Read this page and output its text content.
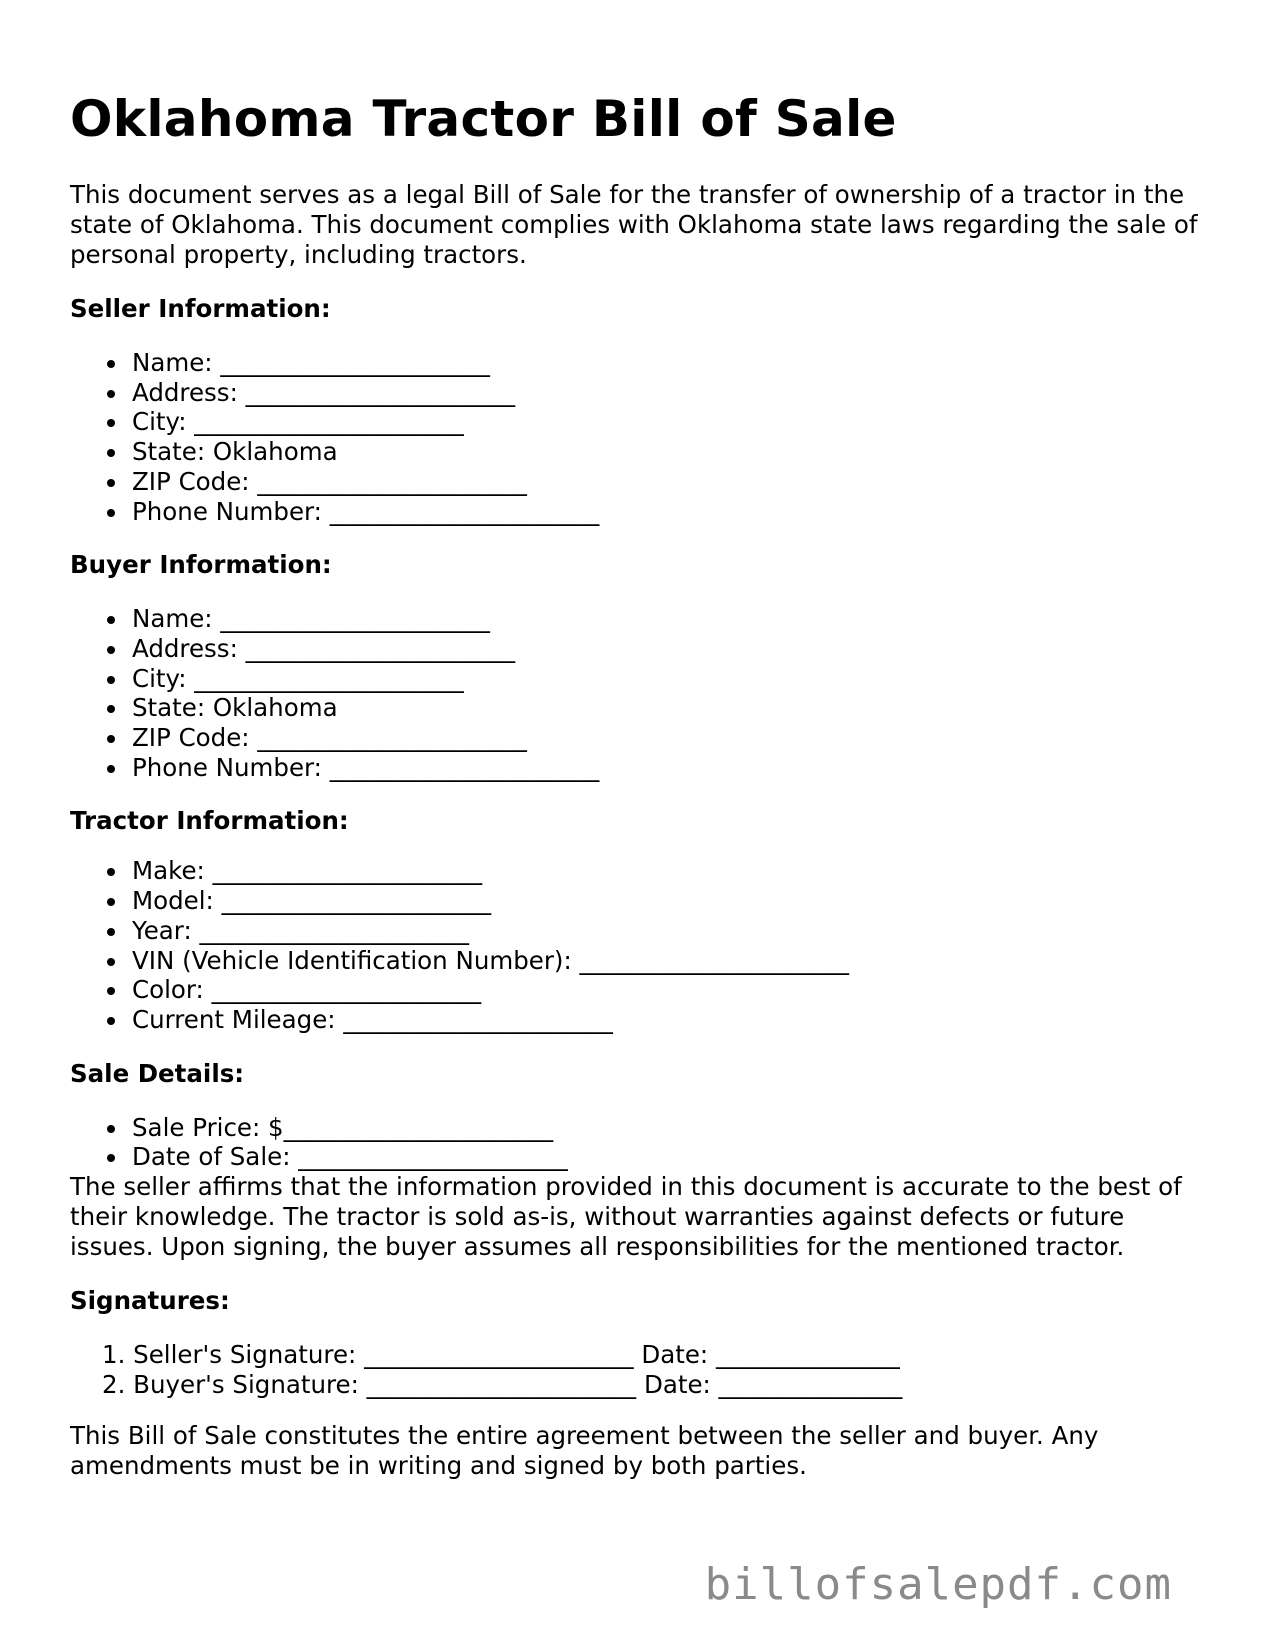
Oklahoma Tractor Bill of Sale

This document serves as a legal Bill of Sale for the transfer of ownership of a tractor in the state of Oklahoma. This document complies with Oklahoma state laws regarding the sale of personal property, including tractors.

Seller Information:
Name: ______________________
Address: ______________________
City: ______________________
State: Oklahoma
ZIP Code: ______________________
Phone Number: ______________________
Buyer Information:
Name: ______________________
Address: ______________________
City: ______________________
State: Oklahoma
ZIP Code: ______________________
Phone Number: ______________________
Tractor Information:
Make: ______________________
Model: ______________________
Year: ______________________
VIN (Vehicle Identification Number): ______________________
Color: ______________________
Current Mileage: ______________________
Sale Details:
Sale Price: $______________________
Date of Sale: ______________________

The seller affirms that the information provided in this document is accurate to the best of their knowledge. The tractor is sold as-is, without warranties against defects or future issues. Upon signing, the buyer assumes all responsibilities for the mentioned tractor.

Signatures:
1. Seller's Signature: ______________________ Date: _______________
2. Buyer's Signature: ______________________ Date: _______________

This Bill of Sale constitutes the entire agreement between the seller and buyer. Any amendments must be in writing and signed by both parties.

billofsalepdf.com
